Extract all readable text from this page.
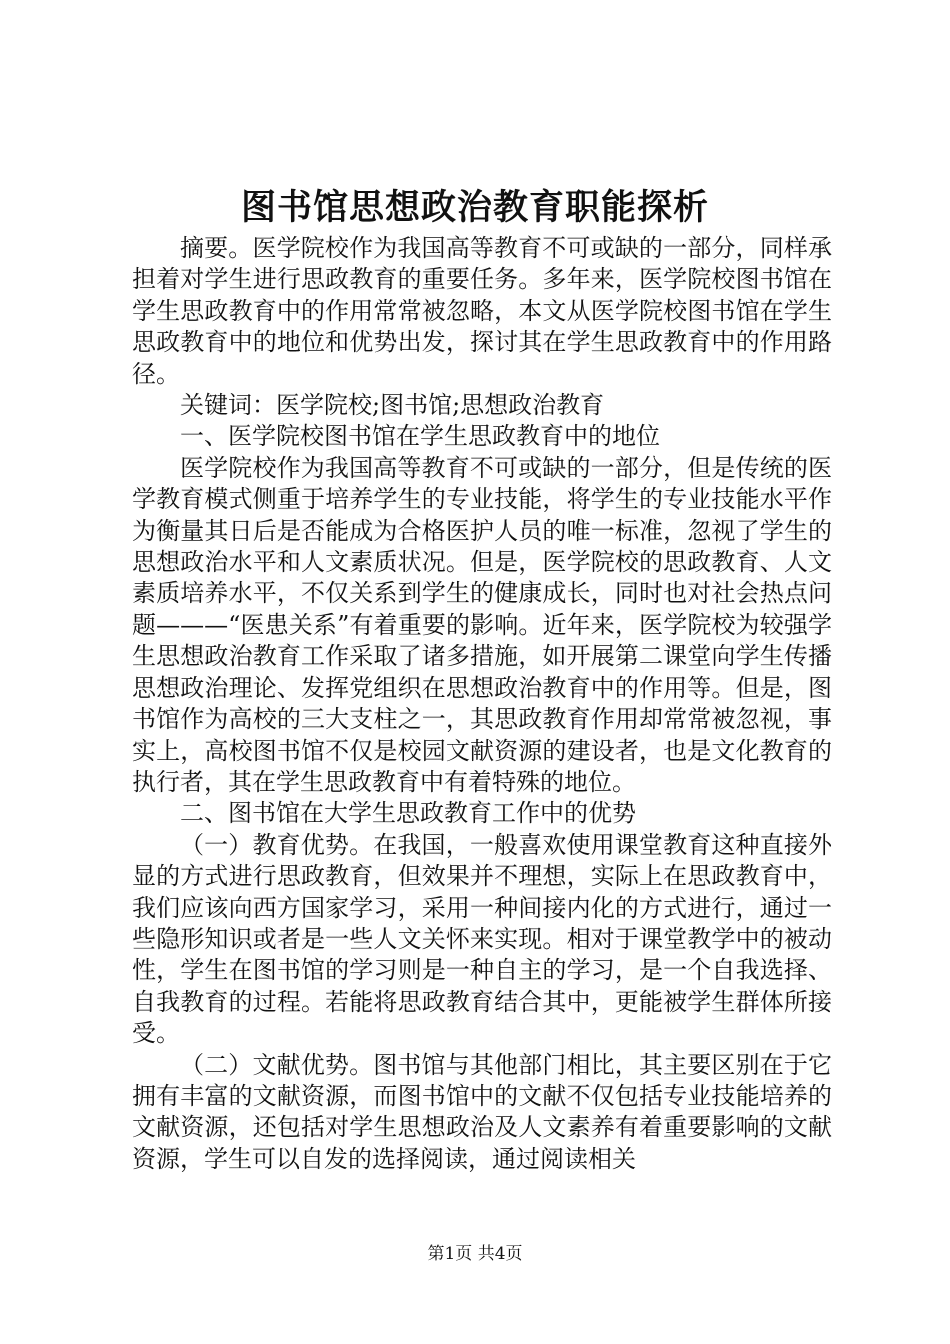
图书馆思想政治教育职能探析

摘要。医学院校作为我国高等教育不可或缺的一部分，同样承担着对学生进行思政教育的重要任务。多年来，医学院校图书馆在学生思政教育中的作用常常被忽略，本文从医学院校图书馆在学生思政教育中的地位和优势出发，探讨其在学生思政教育中的作用路径。

关键词：医学院校;图书馆;思想政治教育

一、医学院校图书馆在学生思政教育中的地位

医学院校作为我国高等教育不可或缺的一部分，但是传统的医学教育模式侧重于培养学生的专业技能，将学生的专业技能水平作为衡量其日后是否能成为合格医护人员的唯一标准，忽视了学生的思想政治水平和人文素质状况。但是，医学院校的思政教育、人文素质培养水平，不仅关系到学生的健康成长，同时也对社会热点问题———“医患关系”有着重要的影响。近年来，医学院校为较强学生思想政治教育工作采取了诸多措施，如开展第二课堂向学生传播思想政治理论、发挥党组织在思想政治教育中的作用等。但是，图书馆作为高校的三大支柱之一，其思政教育作用却常常被忽视，事实上，高校图书馆不仅是校园文献资源的建设者，也是文化教育的执行者，其在学生思政教育中有着特殊的地位。

二、图书馆在大学生思政教育工作中的优势

（一）教育优势。在我国，一般喜欢使用课堂教育这种直接外显的方式进行思政教育，但效果并不理想，实际上在思政教育中，我们应该向西方国家学习，采用一种间接内化的方式进行，通过一些隐形知识或者是一些人文关怀来实现。相对于课堂教学中的被动性，学生在图书馆的学习则是一种自主的学习，是一个自我选择、自我教育的过程。若能将思政教育结合其中，更能被学生群体所接受。

（二）文献优势。图书馆与其他部门相比，其主要区别在于它拥有丰富的文献资源，而图书馆中的文献不仅包括专业技能培养的文献资源，还包括对学生思想政治及人文素养有着重要影响的文献资源，学生可以自发的选择阅读，通过阅读相关

第1页 共4页
